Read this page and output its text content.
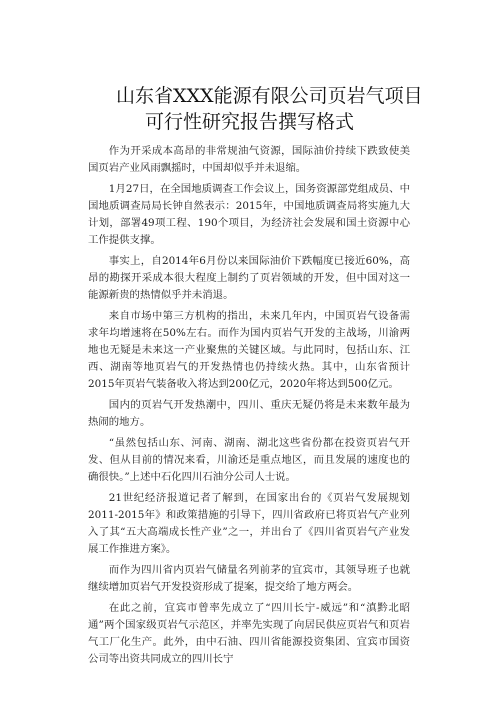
山东省XXX能源有限公司页岩气项目
可行性研究报告撰写格式

作为开采成本高昂的非常规油气资源，国际油价持续下跌致使美国页岩产业风雨飘摇时，中国却似乎并未退缩。

1月27日，在全国地质调查工作会议上，国务资源部党组成员、中国地质调查局局长钟自然表示：2015年，中国地质调查局将实施九大计划，部署49项工程、190个项目，为经济社会发展和国土资源中心工作提供支撑。

事实上，自2014年6月份以来国际油价下跌幅度已接近60%，高昂的勘探开采成本很大程度上制约了页岩领域的开发，但中国对这一能源新贵的热情似乎并未消退。

来自市场中第三方机构的指出，未来几年内，中国页岩气设备需求年均增速将在50%左右。而作为国内页岩气开发的主战场，川渝两地也无疑是未来这一产业聚焦的关键区域。与此同时，包括山东、江西、湖南等地页岩气的开发热情也仍持续火热。其中，山东省预计2015年页岩气装备收入将达到200亿元，2020年将达到500亿元。

国内的页岩气开发热潮中，四川、重庆无疑仍将是未来数年最为热闹的地方。

“虽然包括山东、河南、湖南、湖北这些省份都在投资页岩气开发、但从目前的情况来看，川渝还是重点地区，而且发展的速度也的确很快。”上述中石化四川石油分公司人士说。

21世纪经济报道记者了解到，在国家出台的《页岩气发展规划2011-2015年》和政策措施的引导下，四川省政府已将页岩气产业列入了其“五大高端成长性产业”之一，并出台了《四川省页岩气产业发展工作推进方案》。

而作为四川省内页岩气储量名列前茅的宜宾市，其领导班子也就继续增加页岩气开发投资形成了提案，提交给了地方两会。

在此之前，宜宾市曾率先成立了“四川长宁-威远”和“滇黔北昭通”两个国家级页岩气示范区，并率先实现了向居民供应页岩气和页岩气工厂化生产。此外，由中石油、四川省能源投资集团、宜宾市国资公司等出资共同成立的四川长宁
